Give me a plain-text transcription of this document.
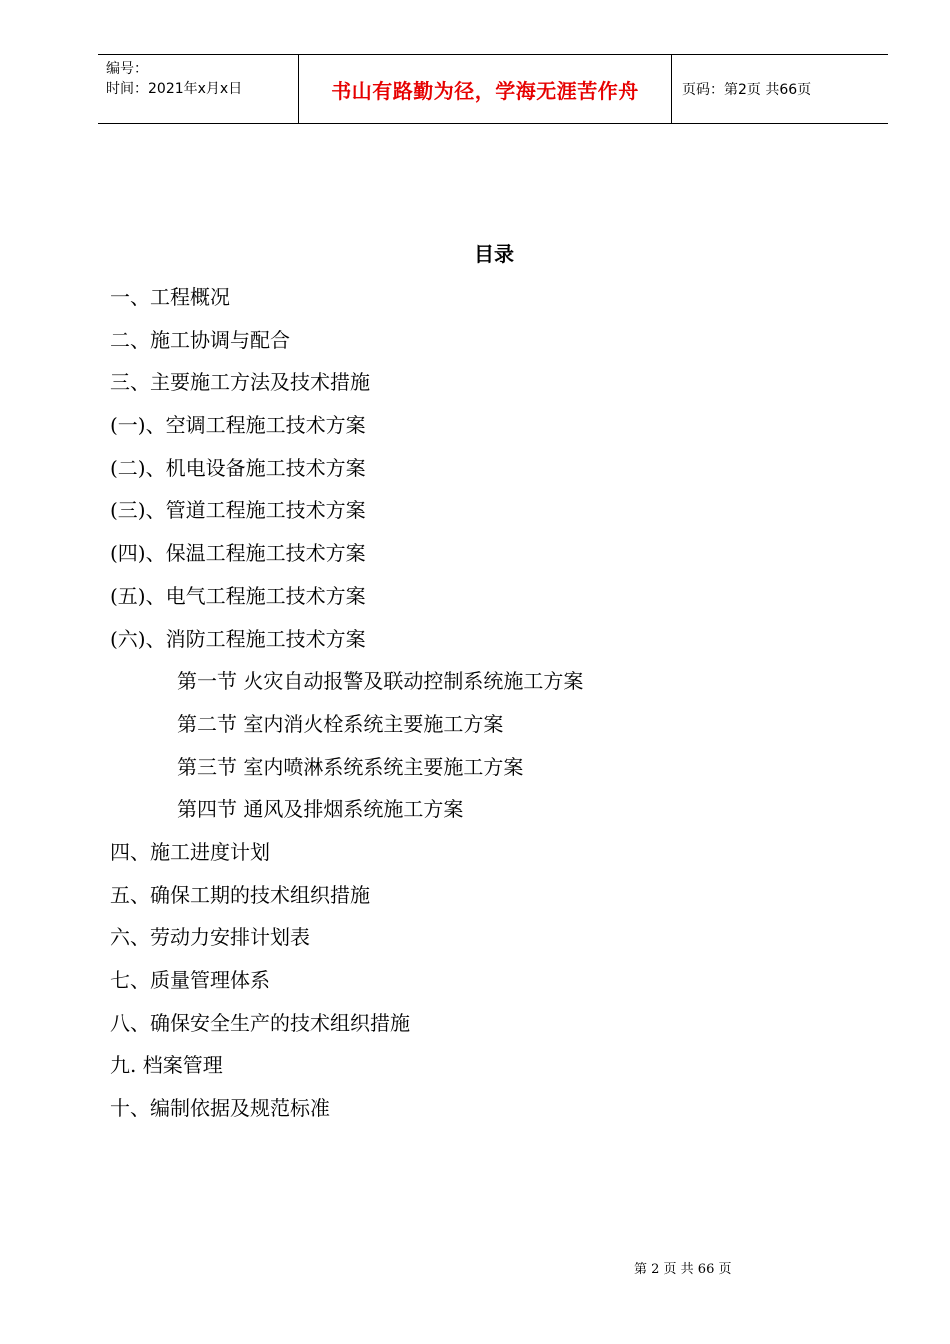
编号：
时间：2021年x月x日	书山有路勤为径，学海无涯苦作舟	页码：第2页 共66页
目录
一、工程概况
二、施工协调与配合
三、主要施工方法及技术措施
(一)、空调工程施工技术方案
(二)、机电设备施工技术方案
(三)、管道工程施工技术方案
(四)、保温工程施工技术方案
(五)、电气工程施工技术方案
(六)、消防工程施工技术方案
第一节 火灾自动报警及联动控制系统施工方案
第二节 室内消火栓系统主要施工方案
第三节 室内喷淋系统系统主要施工方案
第四节 通风及排烟系统施工方案
四、施工进度计划
五、确保工期的技术组织措施
六、劳动力安排计划表
七、质量管理体系
八、确保安全生产的技术组织措施
九. 档案管理
十、编制依据及规范标准
第 2 页 共 66 页
